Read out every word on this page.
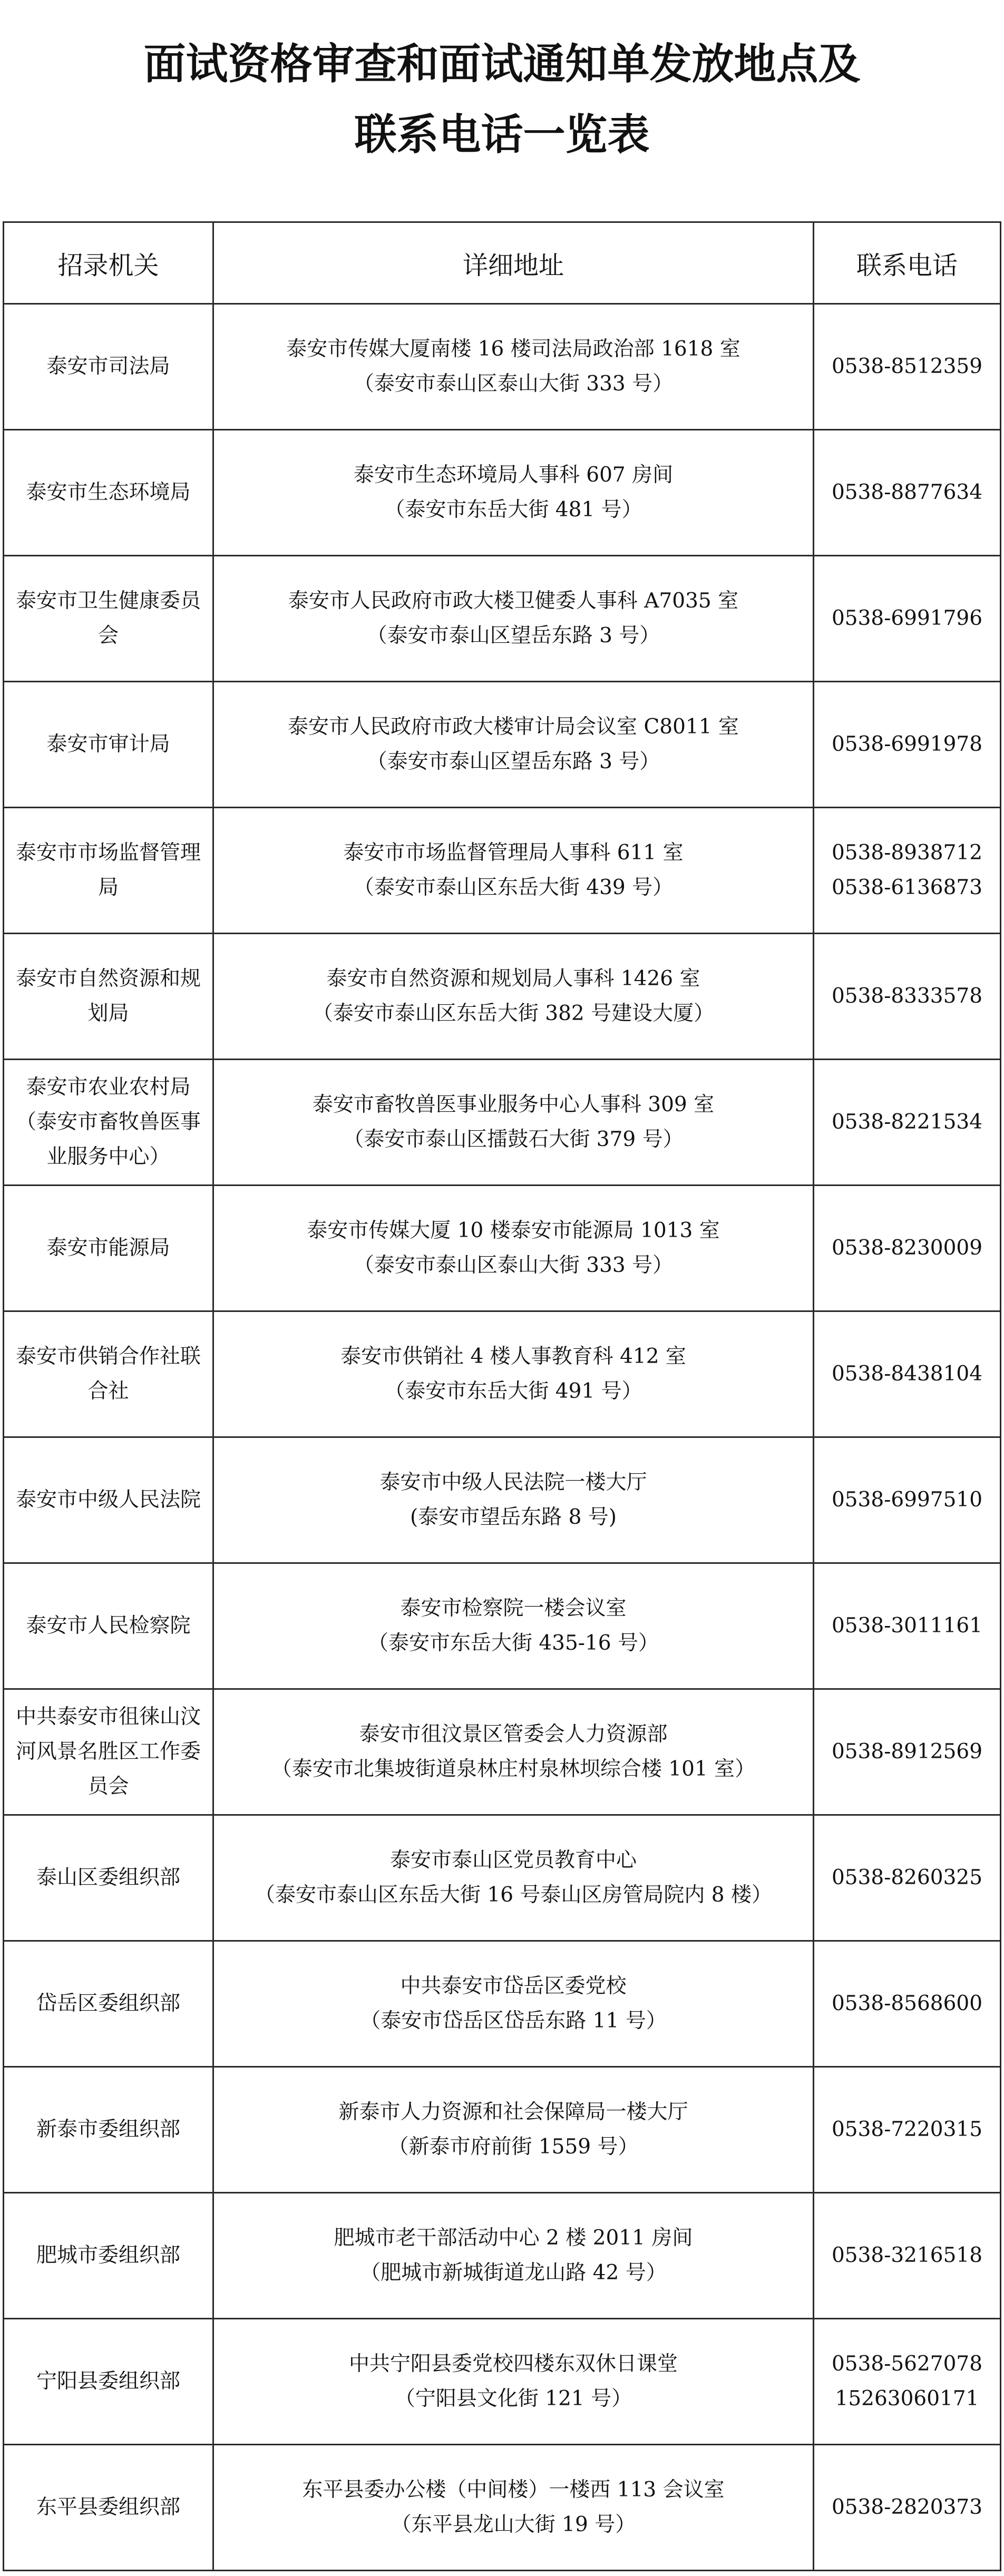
面试资格审查和面试通知单发放地点及
联系电话一览表
招录机关	详细地址	联系电话

泰安市司法局	泰安市传媒大厦南楼 16 楼司法局政治部 1618 室
（泰安市泰山区泰山大街 333 号）	0538-8512359

泰安市生态环境局	泰安市生态环境局人事科 607 房间
（泰安市东岳大街 481 号）	0538-8877634

泰安市卫生健康委员会	泰安市人民政府市政大楼卫健委人事科 A7035 室
（泰安市泰山区望岳东路 3 号）	0538-6991796

泰安市审计局	泰安市人民政府市政大楼审计局会议室 C8011 室
（泰安市泰山区望岳东路 3 号）	0538-6991978

泰安市市场监督管理局	泰安市市场监督管理局人事科 611 室
（泰安市泰山区东岳大街 439 号）	0538-8938712
0538-6136873

泰安市自然资源和规划局	泰安市自然资源和规划局人事科 1426 室
（泰安市泰山区东岳大街 382 号建设大厦）	0538-8333578

泰安市农业农村局（泰安市畜牧兽医事业服务中心）	泰安市畜牧兽医事业服务中心人事科 309 室
（泰安市泰山区擂鼓石大街 379 号）	0538-8221534

泰安市能源局	泰安市传媒大厦 10 楼泰安市能源局 1013 室
（泰安市泰山区泰山大街 333 号）	0538-8230009

泰安市供销合作社联合社	泰安市供销社 4 楼人事教育科 412 室
（泰安市东岳大街 491 号）	0538-8438104

泰安市中级人民法院	泰安市中级人民法院一楼大厅
(泰安市望岳东路 8 号)	0538-6997510

泰安市人民检察院	泰安市检察院一楼会议室
（泰安市东岳大街 435-16 号）	0538-3011161

中共泰安市徂徕山汶河风景名胜区工作委员会	泰安市徂汶景区管委会人力资源部
（泰安市北集坡街道泉林庄村泉林坝综合楼 101 室）	0538-8912569

泰山区委组织部	泰安市泰山区党员教育中心
（泰安市泰山区东岳大街 16 号泰山区房管局院内 8 楼）	0538-8260325

岱岳区委组织部	中共泰安市岱岳区委党校
（泰安市岱岳区岱岳东路 11 号）	0538-8568600

新泰市委组织部	新泰市人力资源和社会保障局一楼大厅
（新泰市府前街 1559 号）	0538-7220315

肥城市委组织部	肥城市老干部活动中心 2 楼 2011 房间
（肥城市新城街道龙山路 42 号）	0538-3216518

宁阳县委组织部	中共宁阳县委党校四楼东双休日课堂
（宁阳县文化街 121 号）	0538-5627078
15263060171

东平县委组织部	东平县委办公楼（中间楼）一楼西 113 会议室
（东平县龙山大街 19 号）	0538-2820373
